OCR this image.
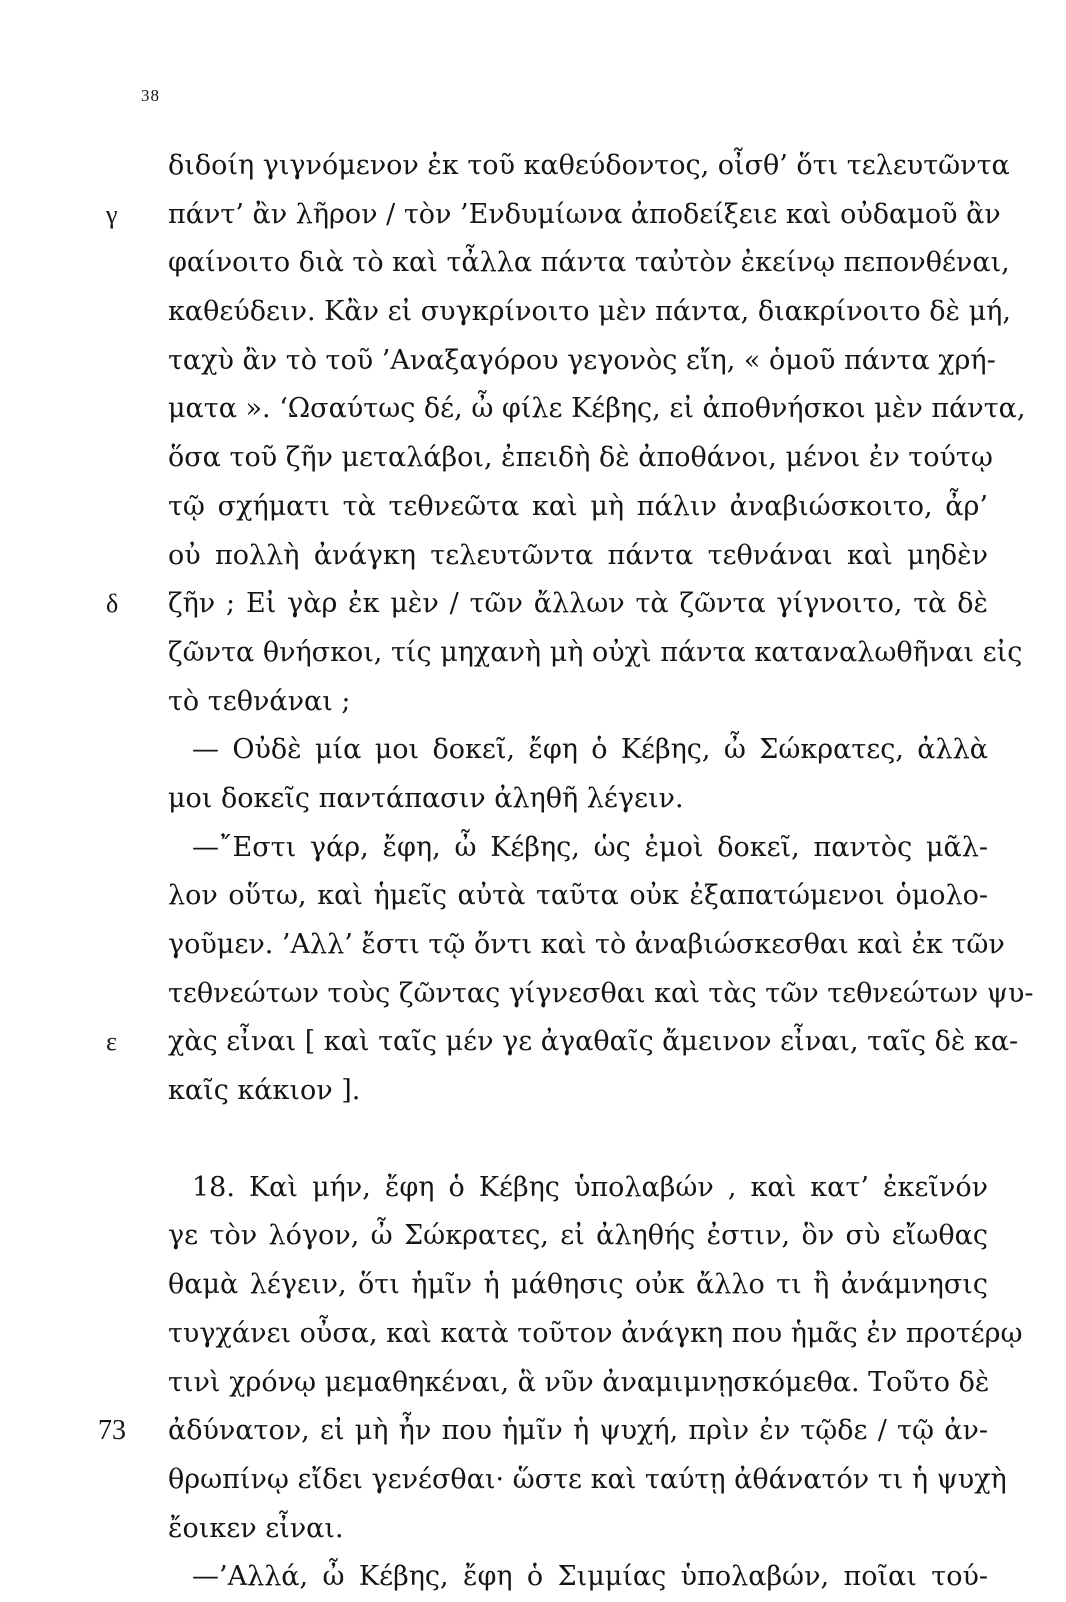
38
διδοίη γιγνόμενον ἐκ τοῦ καθεύδοντος, οἶσθ’ ὅτι τελευτῶντα
γ	πάντ’ ἂν λῆρον / τὸν ’Ενδυμίωνα ἀποδείξειε καὶ οὐδαμοῦ ἂν
φαίνοιτο διὰ τὸ καὶ τἆλλα πάντα ταὐτὸν ἐκείνῳ πεπονθέναι,
καθεύδειν. Κἂν εἰ συγκρίνοιτο μὲν πάντα, διακρίνοιτο δὲ μή,
ταχὺ ἂν τὸ τοῦ ’Αναξαγόρου γεγονὸς εἴη, « ὁμοῦ πάντα χρή-
ματα ». ‘Ωσαύτως δέ, ὦ φίλε Κέβης, εἰ ἀποθνήσκοι μὲν πάντα,
ὅσα τοῦ ζῆν μεταλάβοι, ἐπειδὴ δὲ ἀποθάνοι, μένοι ἐν τούτῳ
τῷ σχήματι τὰ τεθνεῶτα καὶ μὴ πάλιν ἀναβιώσκοιτο, ἆρ’
οὐ πολλὴ ἀνάγκη τελευτῶντα πάντα τεθνάναι καὶ μηδὲν
δ	ζῆν ; Εἰ γὰρ ἐκ μὲν / τῶν ἄλλων τὰ ζῶντα γίγνοιτο, τὰ δὲ
ζῶντα θνήσκοι, τίς μηχανὴ μὴ οὐχὶ πάντα καταναλωθῆναι εἰς
τὸ τεθνάναι ;
— Οὐδὲ μία μοι δοκεῖ, ἔφη ὁ Κέβης, ὦ Σώκρατες, ἀλλὰ
μοι δοκεῖς παντάπασιν ἀληθῆ λέγειν.
—῎Εστι γάρ, ἔφη, ὦ Κέβης, ὡς ἐμοὶ δοκεῖ, παντὸς μᾶλ-
λον οὕτω, καὶ ἡμεῖς αὐτὰ ταῦτα οὐκ ἐξαπατώμενοι ὁμολο-
γοῦμεν. ’Αλλ’ ἔστι τῷ ὄντι καὶ τὸ ἀναβιώσκεσθαι καὶ ἐκ τῶν
τεθνεώτων τοὺς ζῶντας γίγνεσθαι καὶ τὰς τῶν τεθνεώτων ψυ-
ε	χὰς εἶναι [ καὶ ταῖς μέν γε ἀγαθαῖς ἄμεινον εἶναι, ταῖς δὲ κα-
καῖς κάκιον ].
18. Καὶ μήν, ἔφη ὁ Κέβης ὑπολαβών , καὶ κατ’ ἐκεῖνόν
γε τὸν λόγον, ὦ Σώκρατες, εἰ ἀληθής ἐστιν, ὃν σὺ εἴωθας
θαμὰ λέγειν, ὅτι ἡμῖν ἡ μάθησις οὐκ ἄλλο τι ἢ ἀνάμνησις
τυγχάνει οὖσα, καὶ κατὰ τοῦτον ἀνάγκη που ἡμᾶς ἐν προτέρῳ
τινὶ χρόνῳ μεμαθηκέναι, ἃ νῦν ἀναμιμνῃσκόμεθα. Τοῦτο δὲ
73	ἀδύνατον, εἰ μὴ ἦν που ἡμῖν ἡ ψυχή, πρὶν ἐν τῷδε / τῷ ἀν-
θρωπίνῳ εἴδει γενέσθαι· ὥστε καὶ ταύτῃ ἀθάνατόν τι ἡ ψυχὴ
ἔοικεν εἶναι.
—’Αλλά, ὦ Κέβης, ἔφη ὁ Σιμμίας ὑπολαβών, ποῖαι τού-
